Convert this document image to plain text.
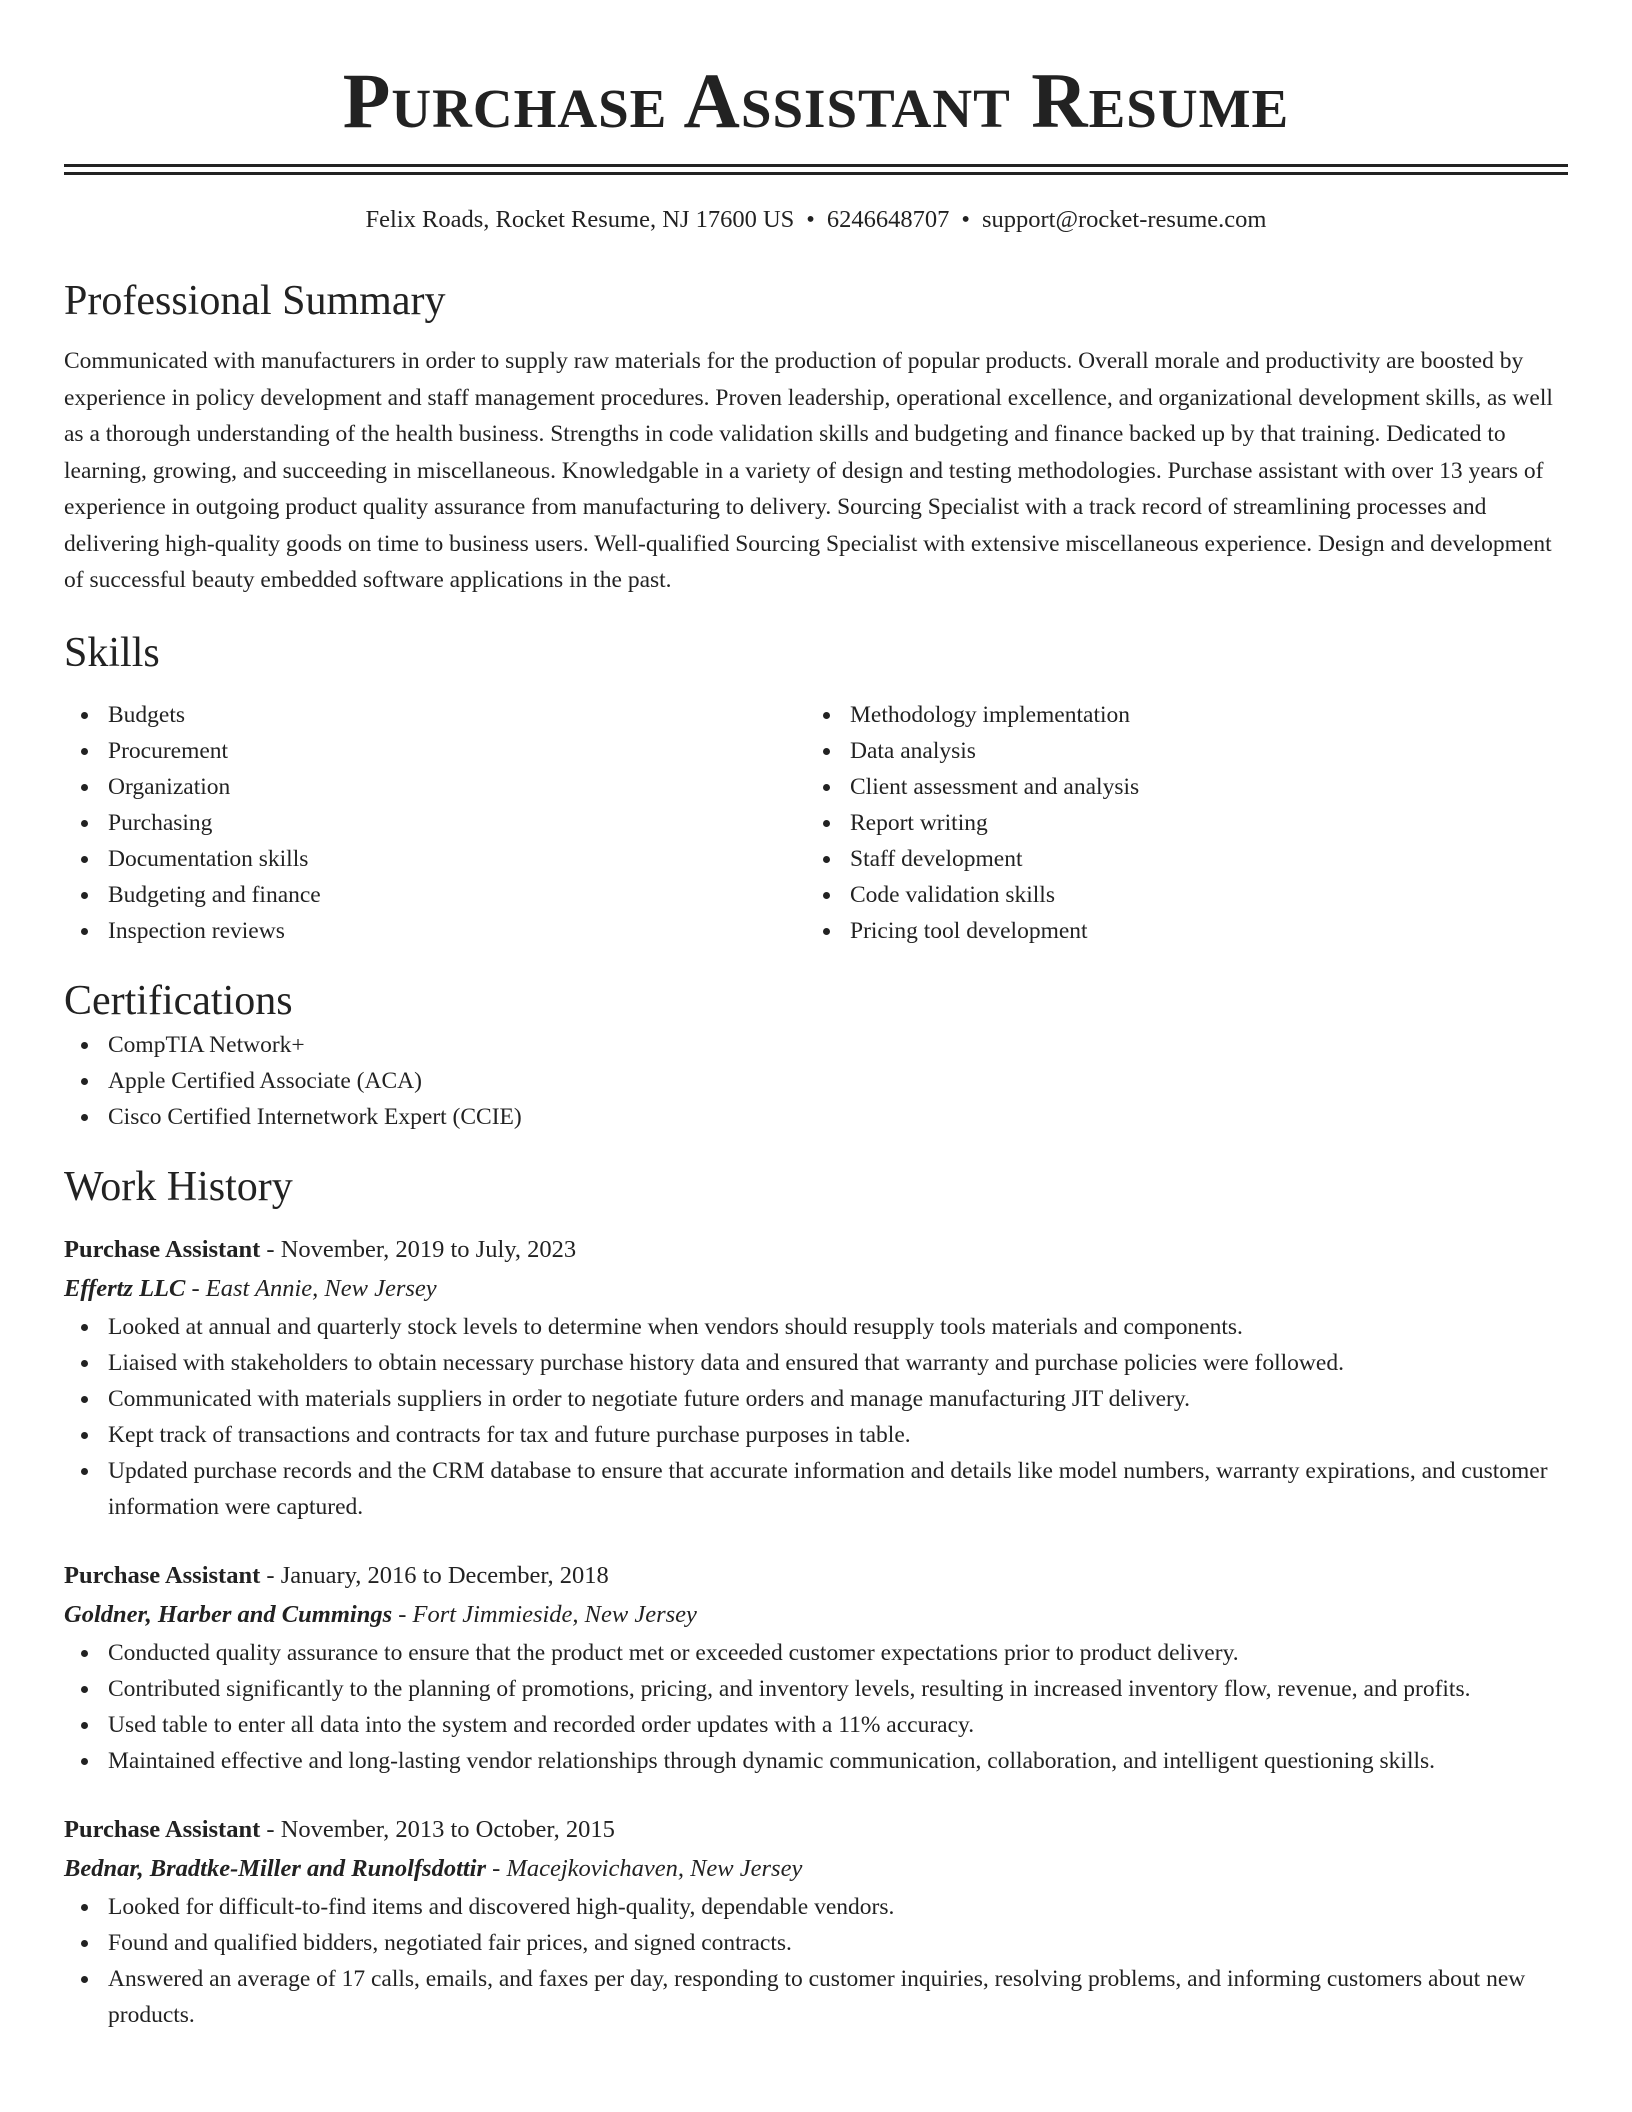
Purchase Assistant Resume
Felix Roads, Rocket Resume, NJ 17600 US • 6246648707 • support@rocket-resume.com
Professional Summary
Communicated with manufacturers in order to supply raw materials for the production of popular products. Overall morale and productivity are boosted by experience in policy development and staff management procedures. Proven leadership, operational excellence, and organizational development skills, as well as a thorough understanding of the health business. Strengths in code validation skills and budgeting and finance backed up by that training. Dedicated to learning, growing, and succeeding in miscellaneous. Knowledgable in a variety of design and testing methodologies. Purchase assistant with over 13 years of experience in outgoing product quality assurance from manufacturing to delivery. Sourcing Specialist with a track record of streamlining processes and delivering high-quality goods on time to business users. Well-qualified Sourcing Specialist with extensive miscellaneous experience. Design and development of successful beauty embedded software applications in the past.
Skills
Budgets
Procurement
Organization
Purchasing
Documentation skills
Budgeting and finance
Inspection reviews
Methodology implementation
Data analysis
Client assessment and analysis
Report writing
Staff development
Code validation skills
Pricing tool development
Certifications
CompTIA Network+
Apple Certified Associate (ACA)
Cisco Certified Internetwork Expert (CCIE)
Work History
Purchase Assistant - November, 2019 to July, 2023
Effertz LLC - East Annie, New Jersey
Looked at annual and quarterly stock levels to determine when vendors should resupply tools materials and components.
Liaised with stakeholders to obtain necessary purchase history data and ensured that warranty and purchase policies were followed.
Communicated with materials suppliers in order to negotiate future orders and manage manufacturing JIT delivery.
Kept track of transactions and contracts for tax and future purchase purposes in table.
Updated purchase records and the CRM database to ensure that accurate information and details like model numbers, warranty expirations, and customer information were captured.
Purchase Assistant - January, 2016 to December, 2018
Goldner, Harber and Cummings - Fort Jimmieside, New Jersey
Conducted quality assurance to ensure that the product met or exceeded customer expectations prior to product delivery.
Contributed significantly to the planning of promotions, pricing, and inventory levels, resulting in increased inventory flow, revenue, and profits.
Used table to enter all data into the system and recorded order updates with a 11% accuracy.
Maintained effective and long-lasting vendor relationships through dynamic communication, collaboration, and intelligent questioning skills.
Purchase Assistant - November, 2013 to October, 2015
Bednar, Bradtke-Miller and Runolfsdottir - Macejkovichaven, New Jersey
Looked for difficult-to-find items and discovered high-quality, dependable vendors.
Found and qualified bidders, negotiated fair prices, and signed contracts.
Answered an average of 17 calls, emails, and faxes per day, responding to customer inquiries, resolving problems, and informing customers about new products.
